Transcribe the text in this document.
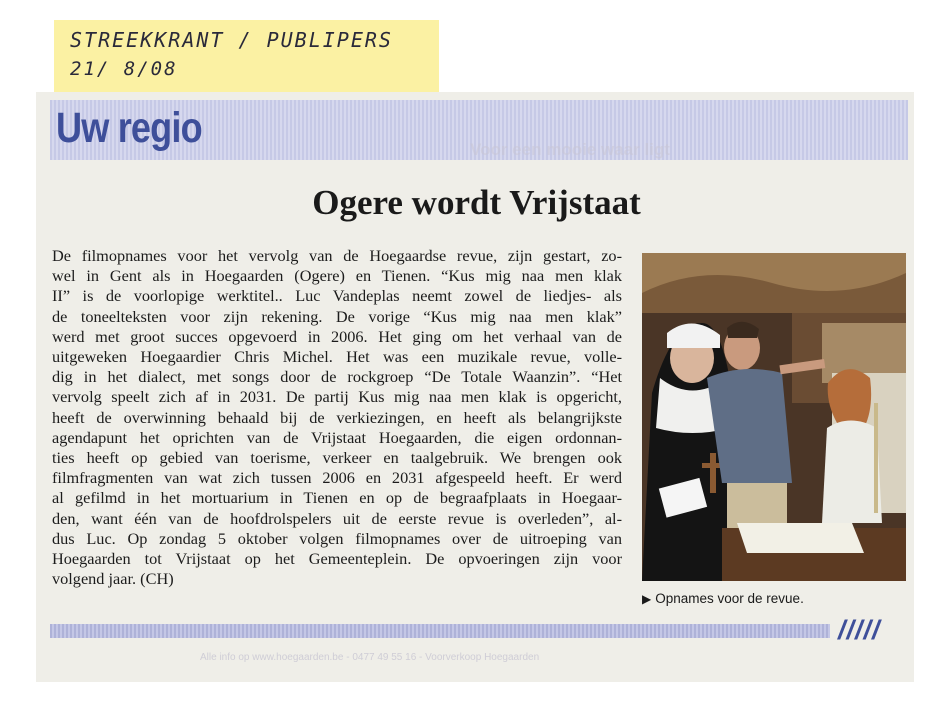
STREEKKRANT / PUBLIPERS
21/ 8/08
Uw regio	Voor een mooie waar ligt
Ogere wordt Vrijstaat
De filmopnames voor het vervolg van de Hoegaardse revue, zijn gestart, zo-
wel in Gent als in Hoegaarden (Ogere) en Tienen. “Kus mig naa men klak
II” is de voorlopige werktitel.. Luc Vandeplas neemt zowel de liedjes- als
de toneelteksten voor zijn rekening. De vorige “Kus mig naa men klak”
werd met groot succes opgevoerd in 2006. Het ging om het verhaal van de
uitgeweken Hoegaardier Chris Michel. Het was een muzikale revue, volle-
dig in het dialect, met songs door de rockgroep “De Totale Waanzin”. “Het
vervolg speelt zich af in 2031. De partij Kus mig naa men klak is opgericht,
heeft de overwinning behaald bij de verkiezingen, en heeft als belangrijkste
agendapunt het oprichten van de Vrijstaat Hoegaarden, die eigen ordonnan-
ties heeft op gebied van toerisme, verkeer en taalgebruik. We brengen ook
filmfragmenten van wat zich tussen 2006 en 2031 afgespeeld heeft. Er werd
al gefilmd in het mortuarium in Tienen en op de begraafplaats in Hoegaar-
den, want één van de hoofdrolspelers uit de eerste revue is overleden”, al-
dus Luc. Op zondag 5 oktober volgen filmopnames over de uitroeping van
Hoegaarden tot Vrijstaat op het Gemeenteplein. De opvoeringen zijn voor
volgend jaar. (CH)
▶ Opnames voor de revue.
/////
Alle info op www.hoegaarden.be - 0477 49 55 16 - Voorverkoop Hoegaarden
